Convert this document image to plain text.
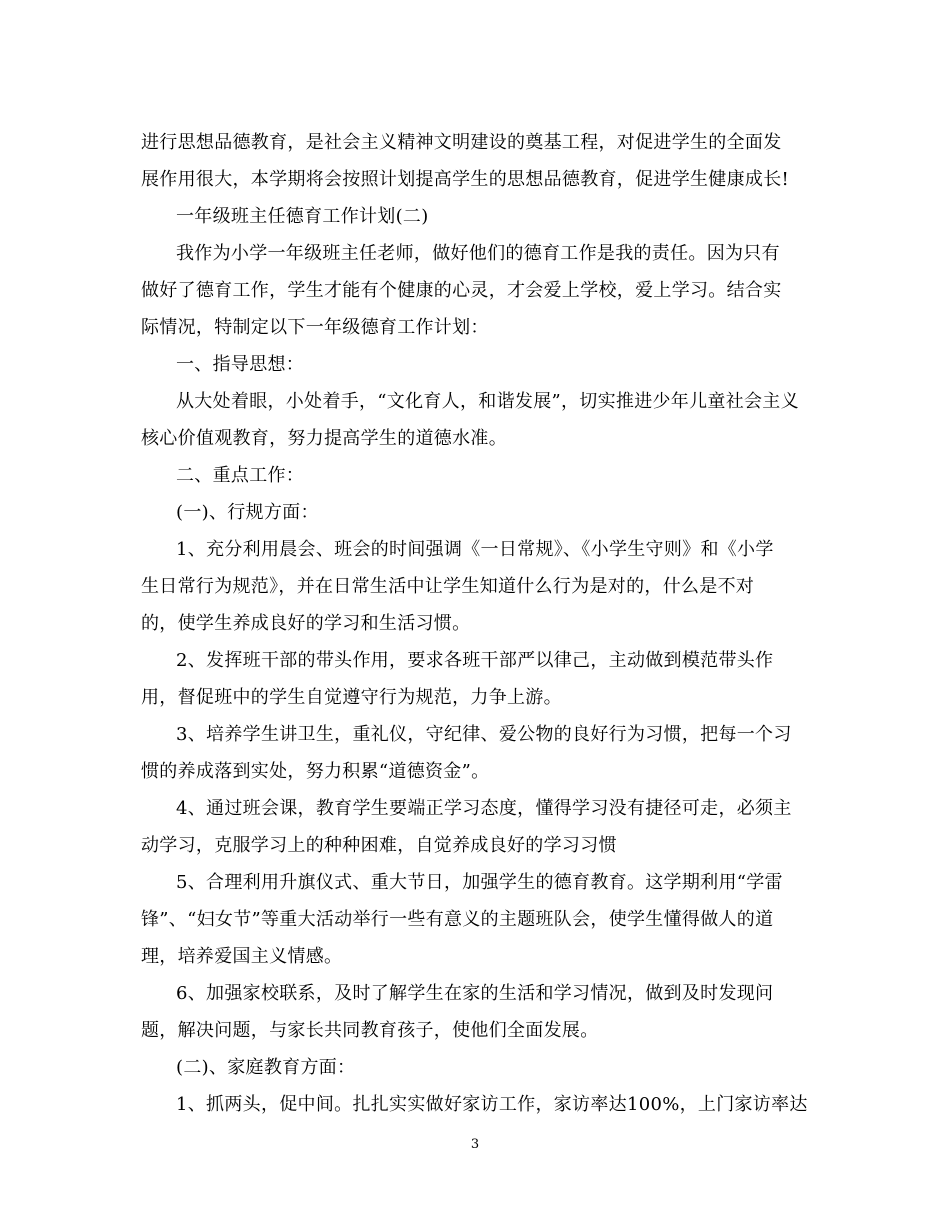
进行思想品德教育，是社会主义精神文明建设的奠基工程，对促进学生的全面发
展作用很大，本学期将会按照计划提高学生的思想品德教育，促进学生健康成长!
一年级班主任德育工作计划(二)
我作为小学一年级班主任老师，做好他们的德育工作是我的责任。因为只有
做好了德育工作，学生才能有个健康的心灵，才会爱上学校，爱上学习。结合实
际情况，特制定以下一年级德育工作计划：
一、指导思想：
从大处着眼，小处着手，“文化育人，和谐发展”，切实推进少年儿童社会主义
核心价值观教育，努力提高学生的道德水准。
二、重点工作：
(一)、行规方面：
1、充分利用晨会、班会的时间强调《一日常规》、《小学生守则》和《小学
生日常行为规范》，并在日常生活中让学生知道什么行为是对的，什么是不对
的，使学生养成良好的学习和生活习惯。
2、发挥班干部的带头作用，要求各班干部严以律己，主动做到模范带头作
用，督促班中的学生自觉遵守行为规范，力争上游。
3、培养学生讲卫生，重礼仪，守纪律、爱公物的良好行为习惯，把每一个习
惯的养成落到实处，努力积累“道德资金”。
4、通过班会课，教育学生要端正学习态度，懂得学习没有捷径可走，必须主
动学习，克服学习上的种种困难，自觉养成良好的学习习惯
5、合理利用升旗仪式、重大节日，加强学生的德育教育。这学期利用“学雷
锋”、“妇女节”等重大活动举行一些有意义的主题班队会，使学生懂得做人的道
理，培养爱国主义情感。
6、加强家校联系，及时了解学生在家的生活和学习情况，做到及时发现问
题，解决问题，与家长共同教育孩子，使他们全面发展。
(二)、家庭教育方面：
1、抓两头，促中间。扎扎实实做好家访工作，家访率达100%，上门家访率达
3
